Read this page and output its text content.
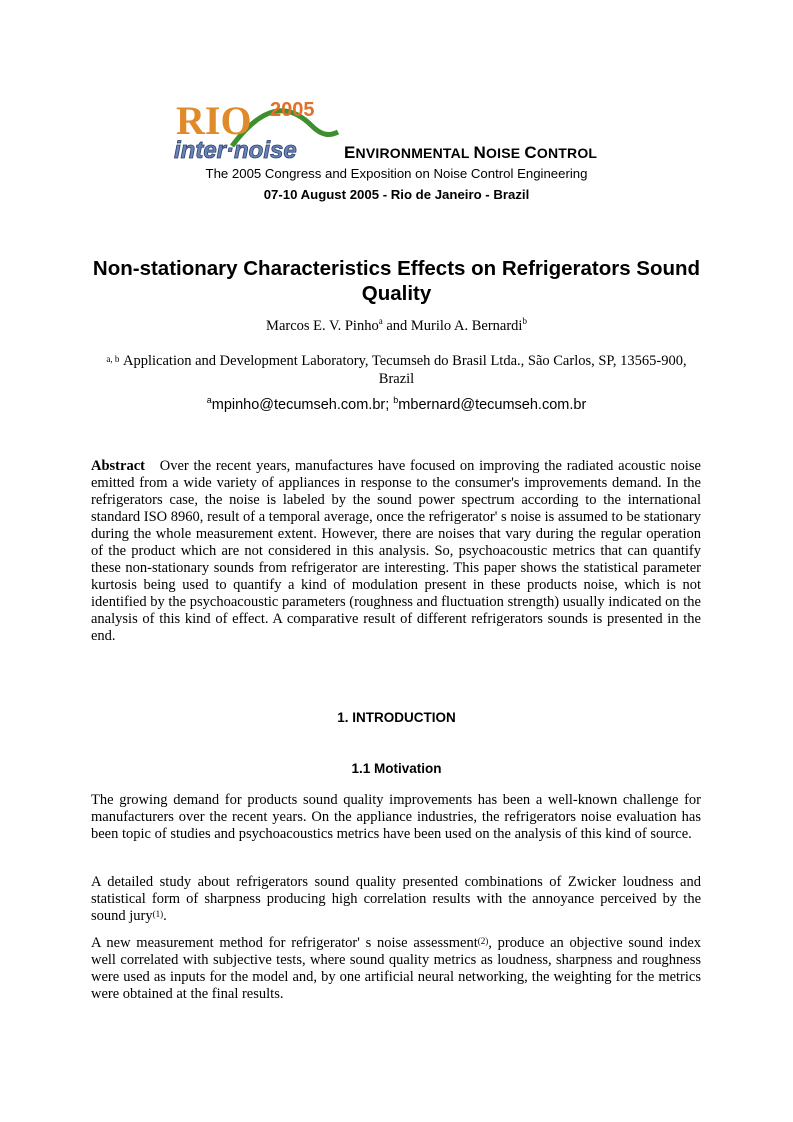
RIO 2005
inter·noise	ENVIRONMENTAL NOISE CONTROL
The 2005 Congress and Exposition on Noise Control Engineering
07-10 August 2005 - Rio de Janeiro - Brazil
Non-stationary Characteristics Effects on Refrigerators Sound Quality
Marcos E. V. Pinho$^a$ and Murilo A. Bernardi$^b$
$^{a, b}$ Application and Development Laboratory, Tecumseh do Brasil Ltda., São Carlos, SP, 13565-900, Brazil
$^a$mpinho@tecumseh.com.br; $^b$mbernard@tecumseh.com.br
Abstract Over the recent years, manufactures have focused on improving the radiated acoustic noise emitted from a wide variety of appliances in response to the consumer's improvements demand. In the refrigerators case, the noise is labeled by the sound power spectrum according to the international standard ISO 8960, result of a temporal average, once the refrigerator' s noise is assumed to be stationary during the whole measurement extent. However, there are noises that vary during the regular operation of the product which are not considered in this analysis. So, psychoacoustic metrics that can quantify these non-stationary sounds from refrigerator are interesting. This paper shows the statistical parameter kurtosis being used to quantify a kind of modulation present in these products noise, which is not identified by the psychoacoustic parameters (roughness and fluctuation strength) usually indicated on the analysis of this kind of effect. A comparative result of different refrigerators sounds is presented in the end.
1. INTRODUCTION
1.1 Motivation
The growing demand for products sound quality improvements has been a well-known challenge for manufacturers over the recent years. On the appliance industries, the refrigerators noise evaluation has been topic of studies and psychoacoustics metrics have been used on the analysis of this kind of source.
A detailed study about refrigerators sound quality presented combinations of Zwicker loudness and statistical form of sharpness producing high correlation results with the annoyance perceived by the sound jury$^{(1)}$.
A new measurement method for refrigerator' s noise assessment$^{(2)}$, produce an objective sound index well correlated with subjective tests, where sound quality metrics as loudness, sharpness and roughness were used as inputs for the model and, by one artificial neural networking, the weighting for the metrics were obtained at the final results.
